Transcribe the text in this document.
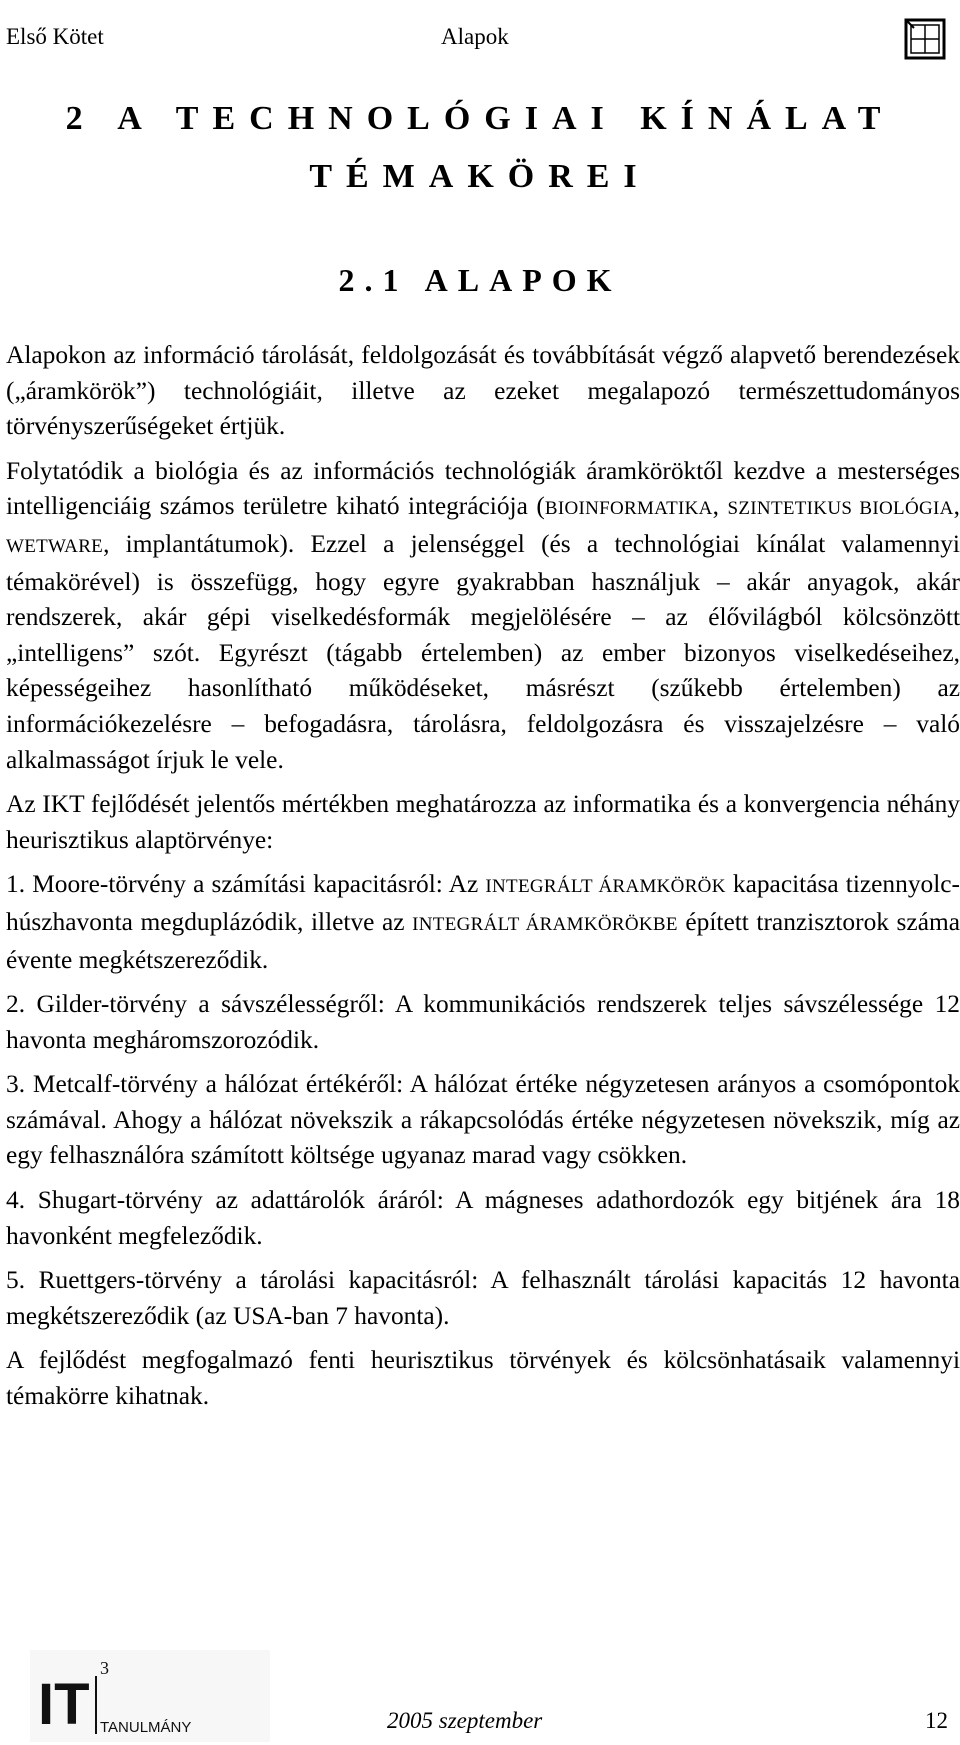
Első Kötet	Alapok
2 A TECHNOLÓGIAI KÍNÁLAT
TÉMAKÖREI
2.1 ALAPOK

Alapokon az információ tárolását, feldolgozását és továbbítását végző alapvető berendezések („áramkörök”) technológiáit, illetve az ezeket megalapozó természettudományos törvényszerűségeket értjük.

Folytatódik a biológia és az információs technológiák áramköröktől kezdve a mesterséges intelligenciáig számos területre kiható integrációja (BIOINFORMATIKA, SZINTETIKUS BIOLÓGIA, WETWARE, implantátumok). Ezzel a jelenséggel (és a technológiai kínálat valamennyi témakörével) is összefügg, hogy egyre gyakrabban használjuk – akár anyagok, akár rendszerek, akár gépi viselkedésformák megjelölésére – az élővilágból kölcsönzött „intelligens” szót. Egyrészt (tágabb értelemben) az ember bizonyos viselkedéseihez, képességeihez hasonlítható működéseket, másrészt (szűkebb értelemben) az információkezelésre – befogadásra, tárolásra, feldolgozásra és visszajelzésre – való alkalmasságot írjuk le vele.

Az IKT fejlődését jelentős mértékben meghatározza az informatika és a konvergencia néhány heurisztikus alaptörvénye:

1. Moore-törvény a számítási kapacitásról: Az INTEGRÁLT ÁRAMKÖRÖK kapacitása tizennyolc-húszhavonta megduplázódik, illetve az INTEGRÁLT ÁRAMKÖRÖKBE épített tranzisztorok száma évente megkétszereződik.

2. Gilder-törvény a sávszélességről: A kommunikációs rendszerek teljes sávszélessége 12 havonta megháromszorozódik.

3. Metcalf-törvény a hálózat értékéről: A hálózat értéke négyzetesen arányos a csomópontok számával. Ahogy a hálózat növekszik a rákapcsolódás értéke négyzetesen növekszik, míg az egy felhasználóra számított költsége ugyanaz marad vagy csökken.

4. Shugart-törvény az adattárolók áráról: A mágneses adathordozók egy bitjének ára 18 havonként megfeleződik.

5. Ruettgers-törvény a tárolási kapacitásról: A felhasznált tárolási kapacitás 12 havonta megkétszereződik (az USA-ban 7 havonta).

A fejlődést megfogalmazó fenti heurisztikus törvények és kölcsönhatásaik valamennyi témakörre kihatnak.

IT
3
TANULMÁNY	2005 szeptember	12
